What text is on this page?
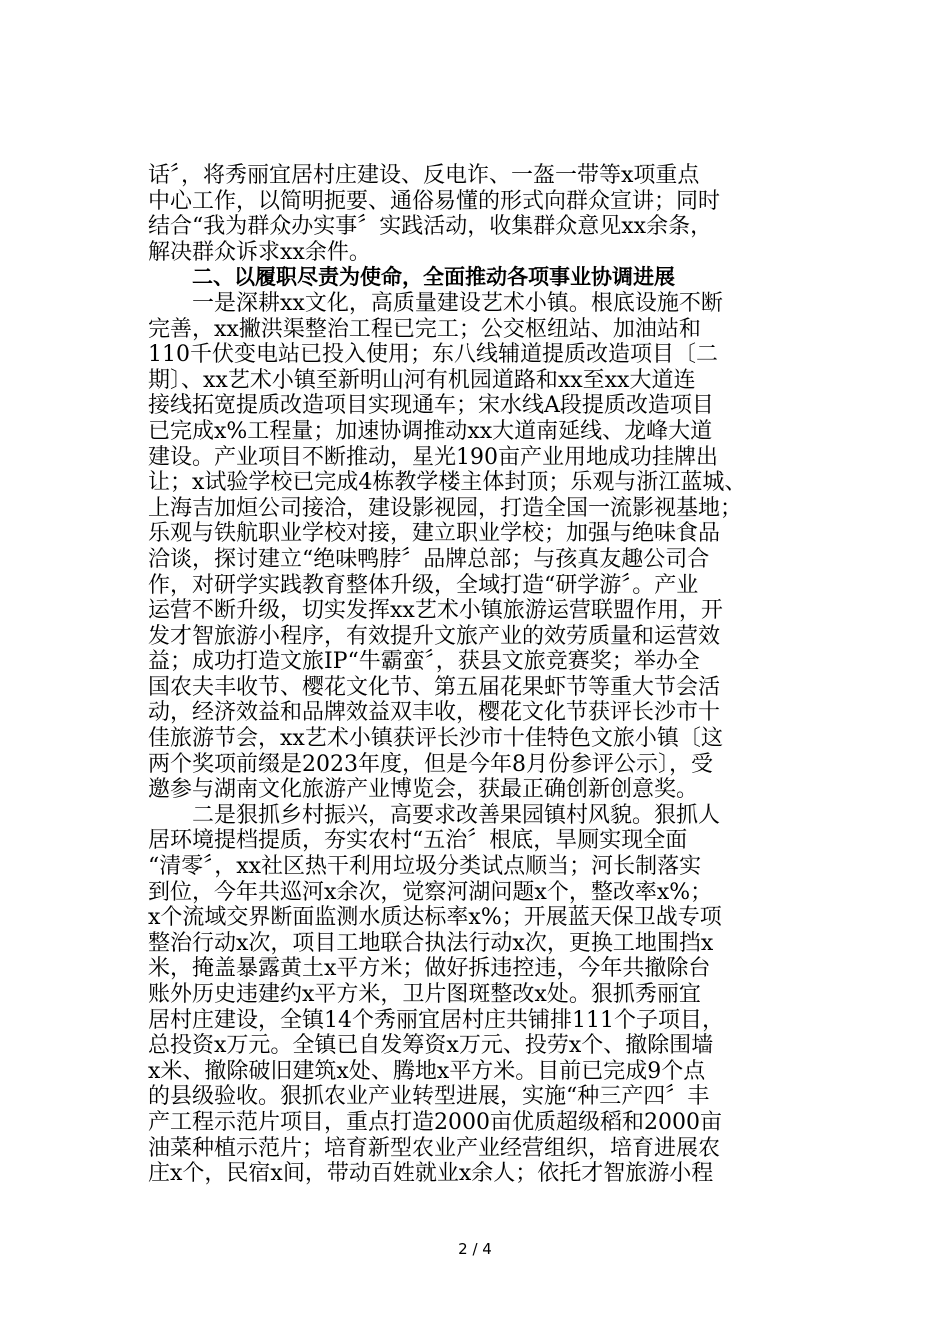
话〞，将秀丽宜居村庄建设、反电诈、一盔一带等x项重点
中心工作，以简明扼要、通俗易懂的形式向群众宣讲；同时
结合“我为群众办实事〞实践活动，收集群众意见xx余条，
解决群众诉求xx余件。
二、以履职尽责为使命，全面推动各项事业协调进展
一是深耕xx文化，高质量建设艺术小镇。根底设施不断
完善，xx撇洪渠整治工程已完工；公交枢纽站、加油站和
110千伏变电站已投入使用；东八线辅道提质改造项目〔二
期〕、xx艺术小镇至新明山河有机园道路和xx至xx大道连
接线拓宽提质改造项目实现通车；宋水线A段提质改造项目
已完成x%工程量；加速协调推动xx大道南延线、龙峰大道
建设。产业项目不断推动，星光190亩产业用地成功挂牌出
让；x试验学校已完成4栋教学楼主体封顶；乐观与浙江蓝城、
上海吉加烜公司接洽，建设影视园，打造全国一流影视基地；
乐观与铁航职业学校对接，建立职业学校；加强与绝味食品
洽谈，探讨建立“绝味鸭脖〞品牌总部；与孩真友趣公司合
作，对研学实践教育整体升级，全域打造“研学游〞。产业
运营不断升级，切实发挥xx艺术小镇旅游运营联盟作用，开
发才智旅游小程序，有效提升文旅产业的效劳质量和运营效
益；成功打造文旅IP“牛霸蛮〞，获县文旅竞赛奖；举办全
国农夫丰收节、樱花文化节、第五届花果虾节等重大节会活
动，经济效益和品牌效益双丰收，樱花文化节获评长沙市十
佳旅游节会，xx艺术小镇获评长沙市十佳特色文旅小镇〔这
两个奖项前缀是2023年度，但是今年8月份参评公示〕，受
邀参与湖南文化旅游产业博览会，获最正确创新创意奖。
二是狠抓乡村振兴，高要求改善果园镇村风貌。狠抓人
居环境提档提质，夯实农村“五治〞根底，旱厕实现全面
“清零〞，xx社区热干利用垃圾分类试点顺当；河长制落实
到位，今年共巡河x余次，觉察河湖问题x个，整改率x%；
x个流域交界断面监测水质达标率x%；开展蓝天保卫战专项
整治行动x次，项目工地联合执法行动x次，更换工地围挡x
米，掩盖暴露黄土x平方米；做好拆违控违，今年共撤除台
账外历史违建约x平方米，卫片图斑整改x处。狠抓秀丽宜
居村庄建设，全镇14个秀丽宜居村庄共铺排111个子项目，
总投资x万元。全镇已自发筹资x万元、投劳x个、撤除围墙
x米、撤除破旧建筑x处、腾地x平方米。目前已完成9个点
的县级验收。狠抓农业产业转型进展，实施“种三产四〞丰
产工程示范片项目，重点打造2000亩优质超级稻和2000亩
油菜种植示范片；培育新型农业产业经营组织，培育进展农
庄x个，民宿x间，带动百姓就业x余人；依托才智旅游小程
2 / 4
